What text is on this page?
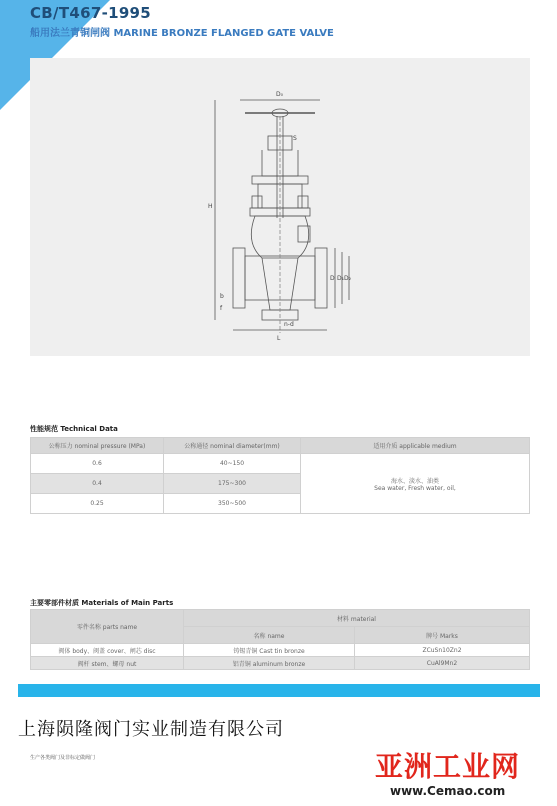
CB/T467-1995
船用法兰青铜闸阀 MARINE BRONZE FLANGED GATE VALVE
D₀
S
H
L
D D₁ D₂
b
f
n-d
性能规范 Technical Data
公称压力 nominal pressure (MPa)	公称通径 nominal diameter(mm)	适用介质 applicable medium
0.6	40~150	海水、淡水、油类
Sea water, Fresh water, oil,

0.4	175~300	
0.25	350~500	
主要零部件材质 Materials of Main Parts
零件名称 parts name	材料 material	
	名称 name	牌号 Marks
阀体 body、阀盖 cover、闸芯 disc	铸锡青铜 Cast tin bronze	ZCuSn10Zn2
阀杆 stem、螺母 nut	铝青铜 aluminum bronze	CuAl9Mn2
上海陨隆阀门实业制造有限公司
生产各类阀门及非标定做阀门	亚洲工业网
www.Cemao.com
